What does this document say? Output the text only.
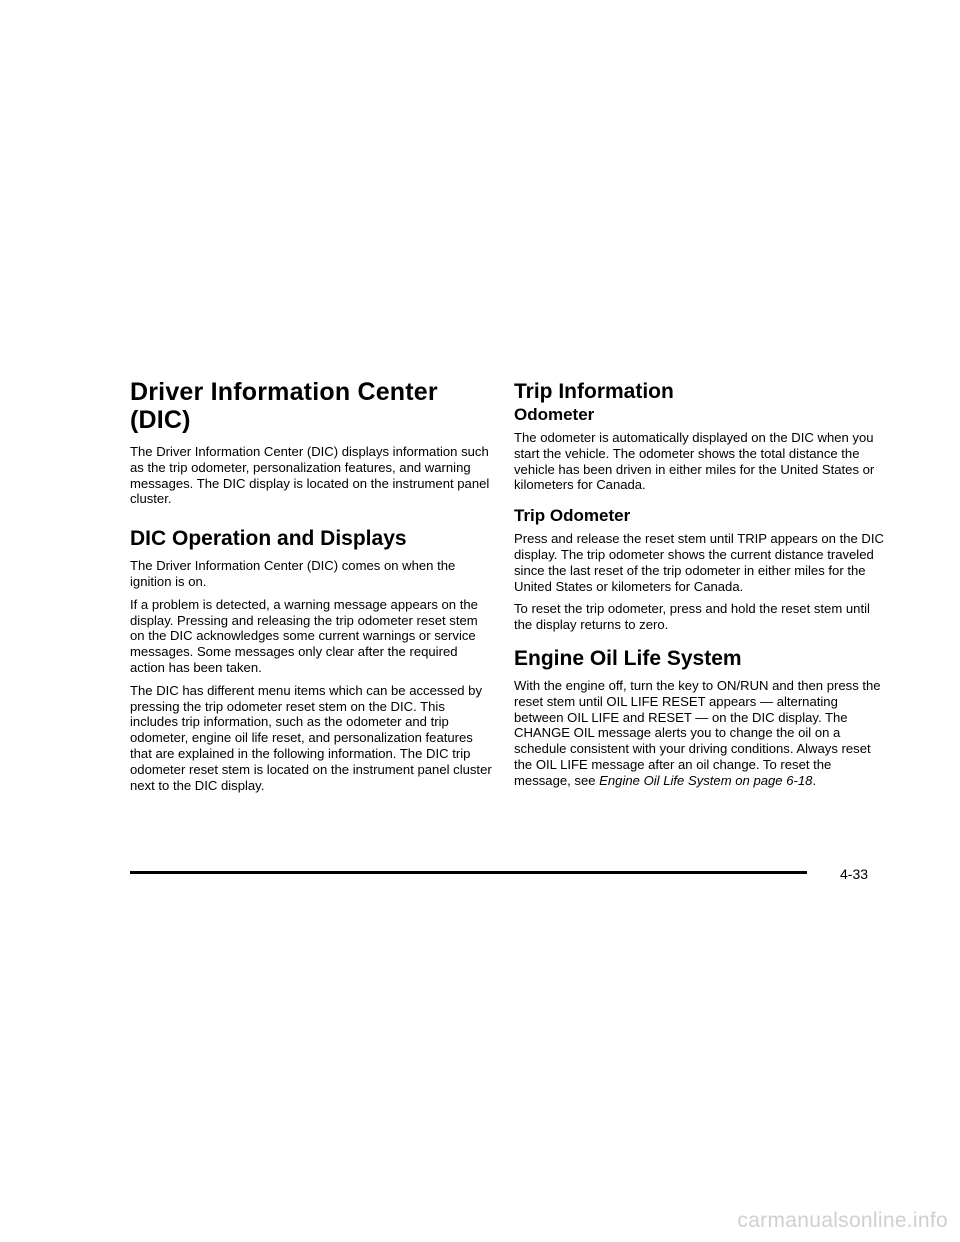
Driver Information Center (DIC)

The Driver Information Center (DIC) displays information such as the trip odometer, personalization features, and warning messages. The DIC display is located on the instrument panel cluster.

DIC Operation and Displays

The Driver Information Center (DIC) comes on when the ignition is on.

If a problem is detected, a warning message appears on the display. Pressing and releasing the trip odometer reset stem on the DIC acknowledges some current warnings or service messages. Some messages only clear after the required action has been taken.

The DIC has different menu items which can be accessed by pressing the trip odometer reset stem on the DIC. This includes trip information, such as the odometer and trip odometer, engine oil life reset, and personalization features that are explained in the following information. The DIC trip odometer reset stem is located on the instrument panel cluster next to the DIC display.

Trip Information
Odometer

The odometer is automatically displayed on the DIC when you start the vehicle. The odometer shows the total distance the vehicle has been driven in either miles for the United States or kilometers for Canada.

Trip Odometer

Press and release the reset stem until TRIP appears on the DIC display. The trip odometer shows the current distance traveled since the last reset of the trip odometer in either miles for the United States or kilometers for Canada.

To reset the trip odometer, press and hold the reset stem until the display returns to zero.

Engine Oil Life System

With the engine off, turn the key to ON/RUN and then press the reset stem until OIL LIFE RESET appears — alternating between OIL LIFE and RESET — on the DIC display. The CHANGE OIL message alerts you to change the oil on a schedule consistent with your driving conditions. Always reset the OIL LIFE message after an oil change. To reset the message, see Engine Oil Life System on page 6-18.

4-33
carmanualsonline.info
